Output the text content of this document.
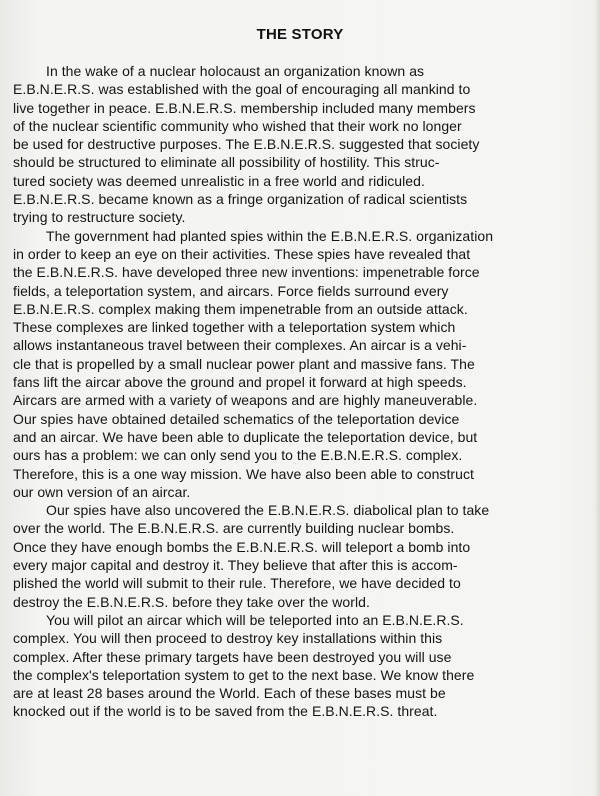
THE STORY
In the wake of a nuclear holocaust an organization known as
E.B.N.E.R.S. was established with the goal of encouraging all mankind to
live together in peace. E.B.N.E.R.S. membership included many members
of the nuclear scientific community who wished that their work no longer
be used for destructive purposes. The E.B.N.E.R.S. suggested that society
should be structured to eliminate all possibility of hostility. This struc-
tured society was deemed unrealistic in a free world and ridiculed.
E.B.N.E.R.S. became known as a fringe organization of radical scientists
trying to restructure society.
The government had planted spies within the E.B.N.E.R.S. organization
in order to keep an eye on their activities. These spies have revealed that
the E.B.N.E.R.S. have developed three new inventions: impenetrable force
fields, a teleportation system, and aircars. Force fields surround every
E.B.N.E.R.S. complex making them impenetrable from an outside attack.
These complexes are linked together with a teleportation system which
allows instantaneous travel between their complexes. An aircar is a vehi-
cle that is propelled by a small nuclear power plant and massive fans. The
fans lift the aircar above the ground and propel it forward at high speeds.
Aircars are armed with a variety of weapons and are highly maneuverable.
Our spies have obtained detailed schematics of the teleportation device
and an aircar. We have been able to duplicate the teleportation device, but
ours has a problem: we can only send you to the E.B.N.E.R.S. complex.
Therefore, this is a one way mission. We have also been able to construct
our own version of an aircar.
Our spies have also uncovered the E.B.N.E.R.S. diabolical plan to take
over the world. The E.B.N.E.R.S. are currently building nuclear bombs.
Once they have enough bombs the E.B.N.E.R.S. will teleport a bomb into
every major capital and destroy it. They believe that after this is accom-
plished the world will submit to their rule. Therefore, we have decided to
destroy the E.B.N.E.R.S. before they take over the world.
You will pilot an aircar which will be teleported into an E.B.N.E.R.S.
complex. You will then proceed to destroy key installations within this
complex. After these primary targets have been destroyed you will use
the complex's teleportation system to get to the next base. We know there
are at least 28 bases around the World. Each of these bases must be
knocked out if the world is to be saved from the E.B.N.E.R.S. threat.
